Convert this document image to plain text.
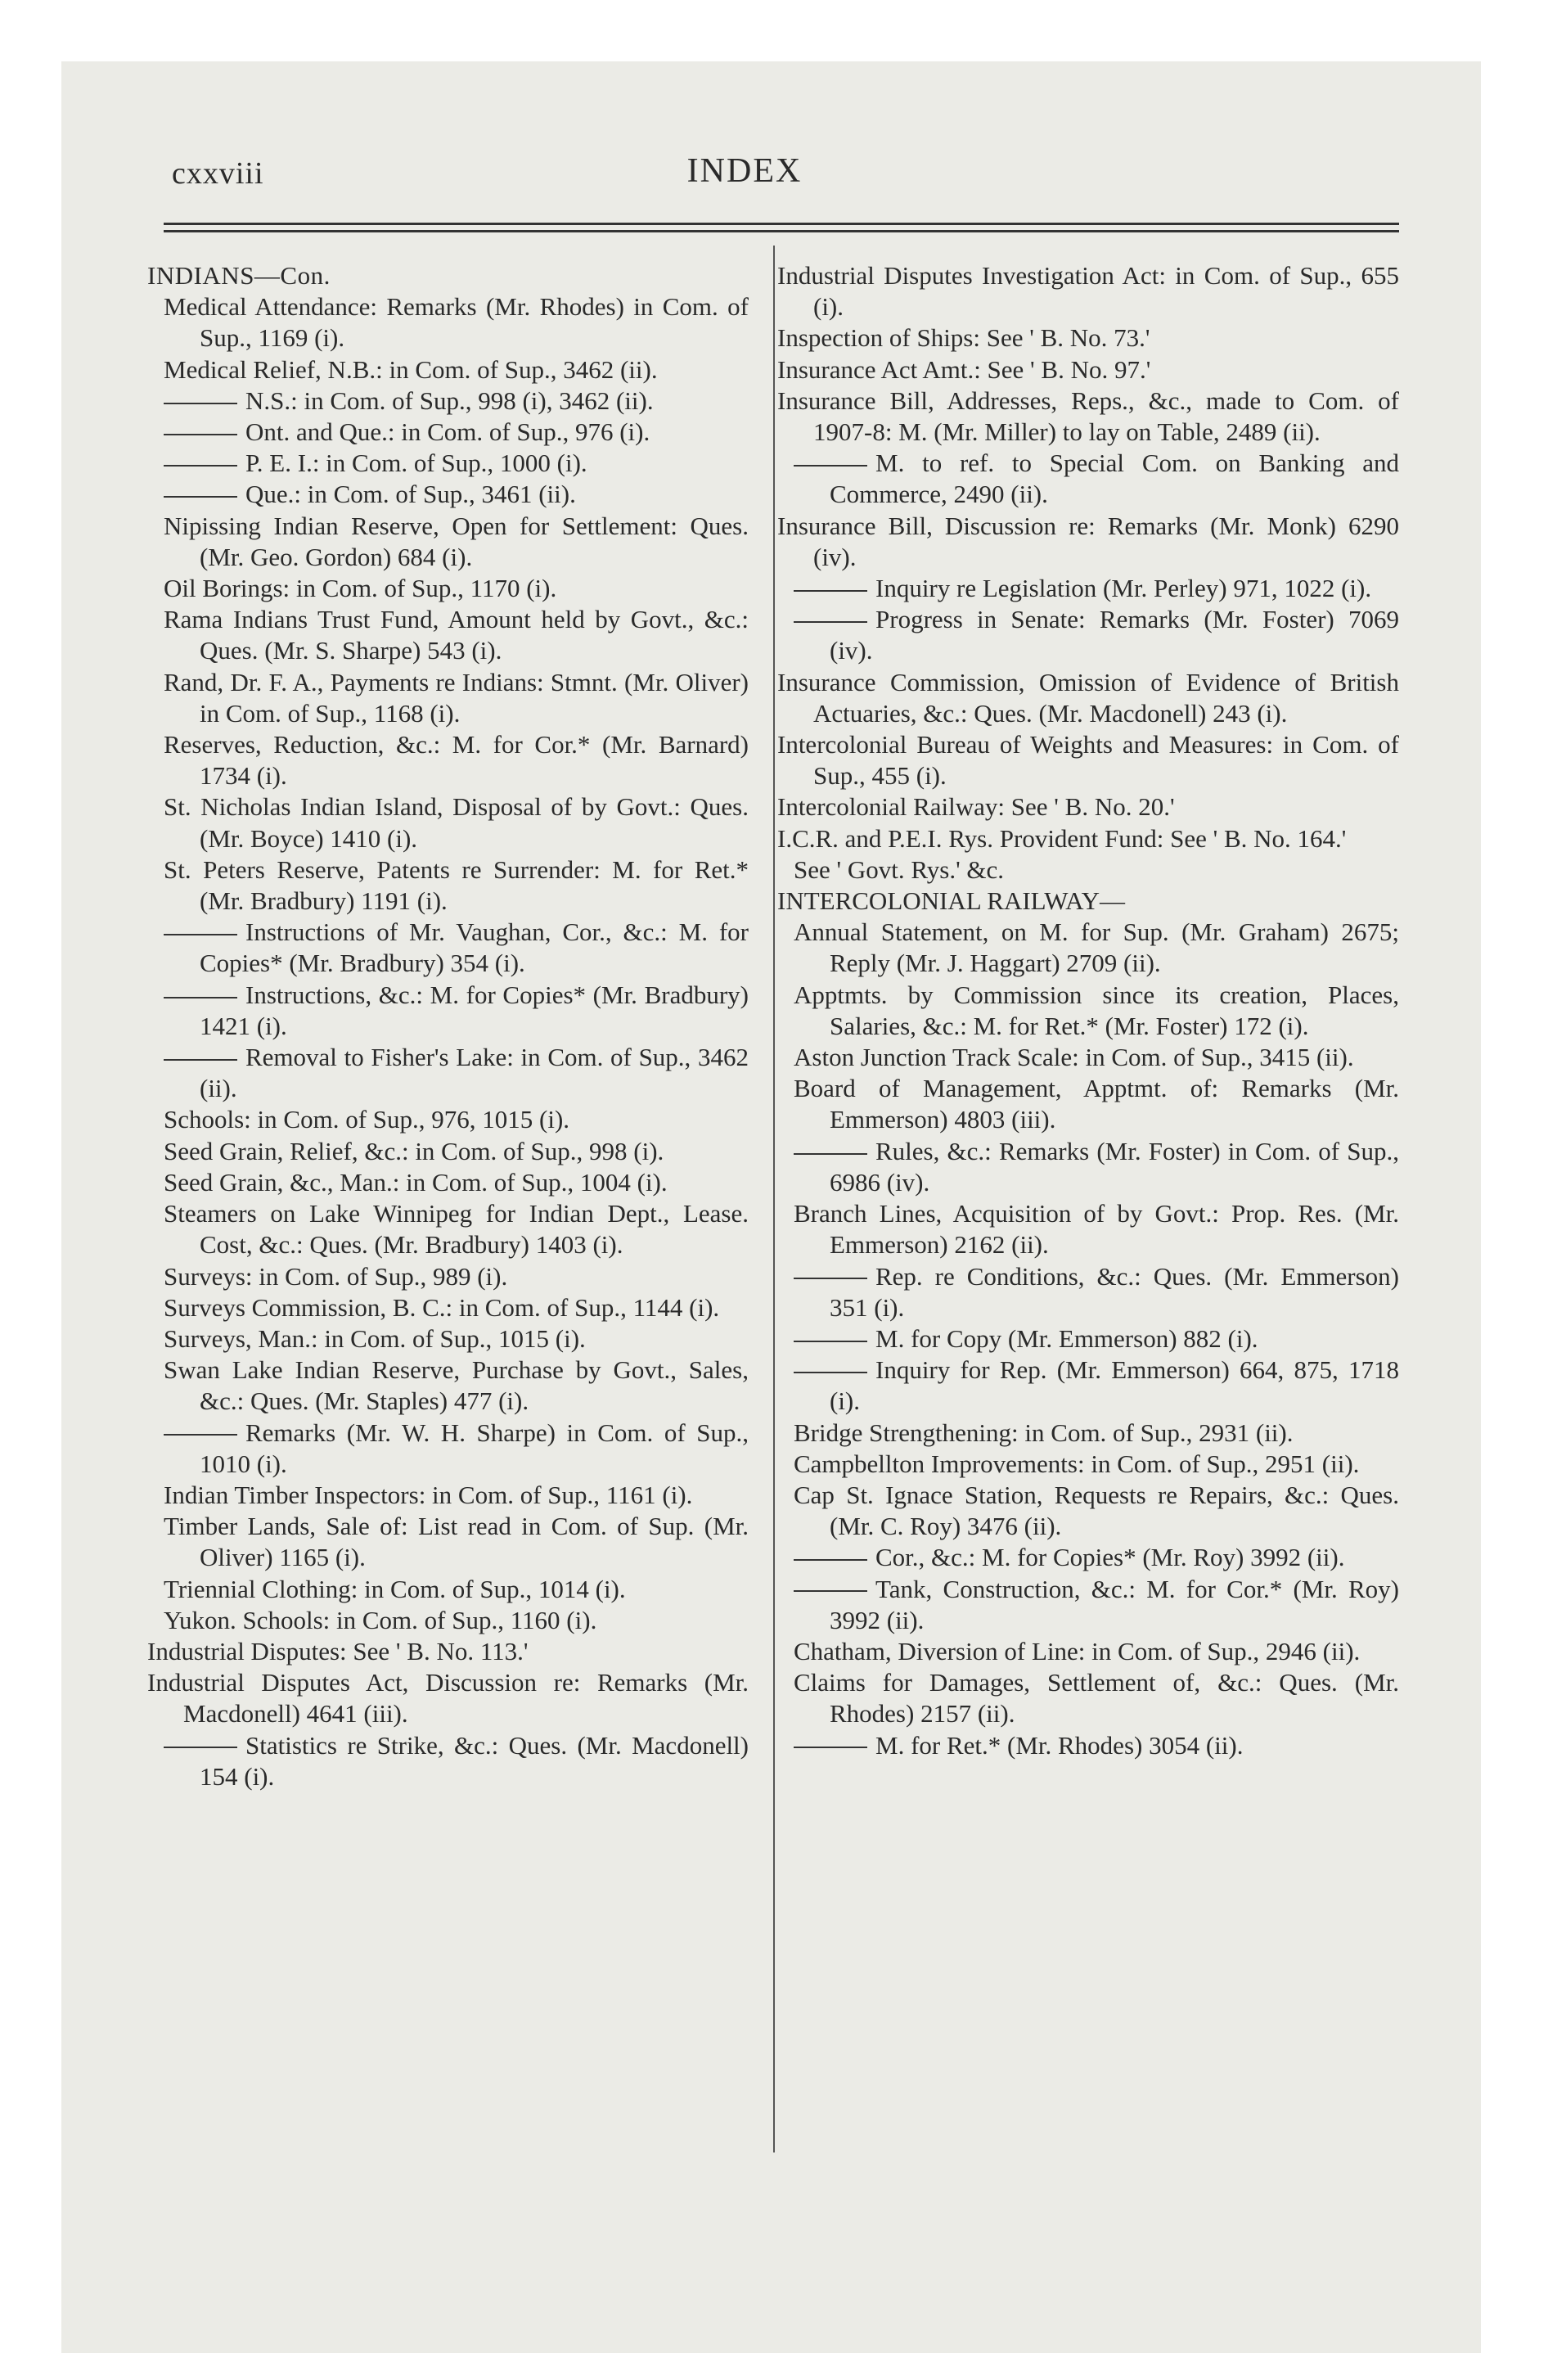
cxxviii	INDEX

INDIANS—Con.

Medical Attendance: Remarks (Mr. Rhodes) in Com. of Sup., 1169 (i).

Medical Relief, N.B.: in Com. of Sup., 3462 (ii).

N.S.: in Com. of Sup., 998 (i), 3462 (ii).

Ont. and Que.: in Com. of Sup., 976 (i).

P. E. I.: in Com. of Sup., 1000 (i).

Que.: in Com. of Sup., 3461 (ii).

Nipissing Indian Reserve, Open for Settlement: Ques. (Mr. Geo. Gordon) 684 (i).

Oil Borings: in Com. of Sup., 1170 (i).

Rama Indians Trust Fund, Amount held by Govt., &c.: Ques. (Mr. S. Sharpe) 543 (i).

Rand, Dr. F. A., Payments re Indians: Stmnt. (Mr. Oliver) in Com. of Sup., 1168 (i).

Reserves, Reduction, &c.: M. for Cor.* (Mr. Barnard) 1734 (i).

St. Nicholas Indian Island, Disposal of by Govt.: Ques. (Mr. Boyce) 1410 (i).

St. Peters Reserve, Patents re Surrender: M. for Ret.* (Mr. Bradbury) 1191 (i).

Instructions of Mr. Vaughan, Cor., &c.: M. for Copies* (Mr. Bradbury) 354 (i).

Instructions, &c.: M. for Copies* (Mr. Bradbury) 1421 (i).

Removal to Fisher's Lake: in Com. of Sup., 3462 (ii).

Schools: in Com. of Sup., 976, 1015 (i).

Seed Grain, Relief, &c.: in Com. of Sup., 998 (i).

Seed Grain, &c., Man.: in Com. of Sup., 1004 (i).

Steamers on Lake Winnipeg for Indian Dept., Lease. Cost, &c.: Ques. (Mr. Bradbury) 1403 (i).

Surveys: in Com. of Sup., 989 (i).

Surveys Commission, B. C.: in Com. of Sup., 1144 (i).

Surveys, Man.: in Com. of Sup., 1015 (i).

Swan Lake Indian Reserve, Purchase by Govt., Sales, &c.: Ques. (Mr. Staples) 477 (i).

Remarks (Mr. W. H. Sharpe) in Com. of Sup., 1010 (i).

Indian Timber Inspectors: in Com. of Sup., 1161 (i).

Timber Lands, Sale of: List read in Com. of Sup. (Mr. Oliver) 1165 (i).

Triennial Clothing: in Com. of Sup., 1014 (i).

Yukon. Schools: in Com. of Sup., 1160 (i).

Industrial Disputes: See ' B. No. 113.'

Industrial Disputes Act, Discussion re: Remarks (Mr. Macdonell) 4641 (iii).

Statistics re Strike, &c.: Ques. (Mr. Macdonell) 154 (i).

Industrial Disputes Investigation Act: in Com. of Sup., 655 (i).

Inspection of Ships: See ' B. No. 73.'

Insurance Act Amt.: See ' B. No. 97.'

Insurance Bill, Addresses, Reps., &c., made to Com. of 1907-8: M. (Mr. Miller) to lay on Table, 2489 (ii).

M. to ref. to Special Com. on Banking and Commerce, 2490 (ii).

Insurance Bill, Discussion re: Remarks (Mr. Monk) 6290 (iv).

Inquiry re Legislation (Mr. Perley) 971, 1022 (i).

Progress in Senate: Remarks (Mr. Foster) 7069 (iv).

Insurance Commission, Omission of Evidence of British Actuaries, &c.: Ques. (Mr. Macdonell) 243 (i).

Intercolonial Bureau of Weights and Measures: in Com. of Sup., 455 (i).

Intercolonial Railway: See ' B. No. 20.'

I.C.R. and P.E.I. Rys. Provident Fund: See ' B. No. 164.'

See ' Govt. Rys.' &c.

INTERCOLONIAL RAILWAY—

Annual Statement, on M. for Sup. (Mr. Graham) 2675; Reply (Mr. J. Haggart) 2709 (ii).

Apptmts. by Commission since its creation, Places, Salaries, &c.: M. for Ret.* (Mr. Foster) 172 (i).

Aston Junction Track Scale: in Com. of Sup., 3415 (ii).

Board of Management, Apptmt. of: Remarks (Mr. Emmerson) 4803 (iii).

Rules, &c.: Remarks (Mr. Foster) in Com. of Sup., 6986 (iv).

Branch Lines, Acquisition of by Govt.: Prop. Res. (Mr. Emmerson) 2162 (ii).

Rep. re Conditions, &c.: Ques. (Mr. Emmerson) 351 (i).

M. for Copy (Mr. Emmerson) 882 (i).

Inquiry for Rep. (Mr. Emmerson) 664, 875, 1718 (i).

Bridge Strengthening: in Com. of Sup., 2931 (ii).

Campbellton Improvements: in Com. of Sup., 2951 (ii).

Cap St. Ignace Station, Requests re Repairs, &c.: Ques. (Mr. C. Roy) 3476 (ii).

Cor., &c.: M. for Copies* (Mr. Roy) 3992 (ii).

Tank, Construction, &c.: M. for Cor.* (Mr. Roy) 3992 (ii).

Chatham, Diversion of Line: in Com. of Sup., 2946 (ii).

Claims for Damages, Settlement of, &c.: Ques. (Mr. Rhodes) 2157 (ii).

M. for Ret.* (Mr. Rhodes) 3054 (ii).
